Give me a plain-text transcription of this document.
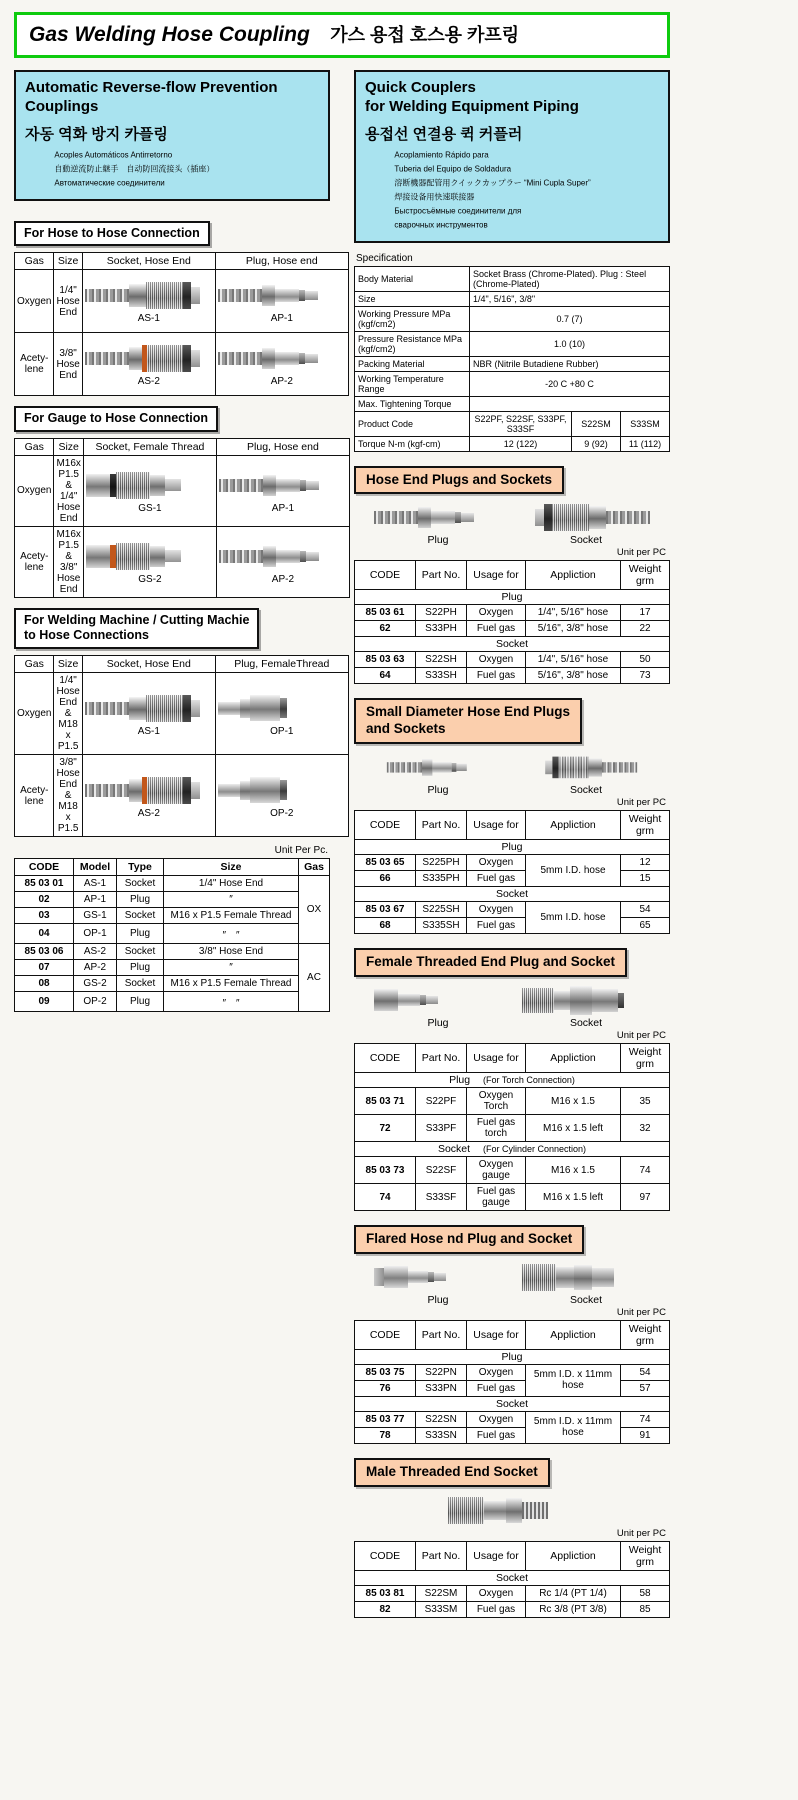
Gas Welding Hose Coupling 가스 용접 호스용 카프링
Automatic Reverse-flow Prevention
Couplings
자동 역화 방지 카플링
Acoples Automáticos Antirretorno
自動逆流防止継手　自动防回流接头（插座）
Автоматические соединители
For Hose to Hose Connection
Gas	Size	Socket, Hose End	Plug, Hose end
Oxygen	1/4" Hose End	AS-1	AP-1

Acety-lene	3/8" Hose End	AS-2	AP-2
For Gauge to Hose Connection
Gas	Size	Socket, Female Thread	Plug, Hose end
Oxygen	M16x P1.5 & 1/4" Hose End	GS-1	AP-1

Acety-lene	M16x P1.5 & 3/8" Hose End	GS-2	AP-2
For Welding Machine / Cutting Machie
to Hose Connections
Gas	Size	Socket, Hose End	Plug, FemaleThread
Oxygen	1/4" Hose End & M18 x P1.5	AS-1	OP-1

Acety-lene	3/8" Hose End & M18 x P1.5	AS-2	OP-2
Unit Per Pc.
CODE	Model	Type	Size	Gas
85 03 01	AS-1	Socket	1/4" Hose End	OX
02	AP-1	Plug	″	
03	GS-1	Socket	M16 x P1.5 Female Thread	
04	OP-1	Plug	″　″	
85 03 06	AS-2	Socket	3/8" Hose End	AC
07	AP-2	Plug	″	
08	GS-2	Socket	M16 x P1.5 Female Thread	
09	OP-2	Plug	″　″	
Quick Couplers
for Welding Equipment Piping
용접선 연결용 퀵 커플러
Acoplamiento Rápido para
Tuberia del Equipo de Soldadura
溶断機器配管用クイックカップラー “Mini Cupla Super”
焊接设备用快速联接器
Быстросъёмные соединители для
сварочных инструментов
Specification
Body Material	Socket Brass (Chrome-Plated). Plug : Steel (Chrome-Plated)		
Size	1/4", 5/16", 3/8"		
Working Pressure MPa (kgf/cm2)	0.7 (7)		
Pressure Resistance MPa (kgf/cm2)	1.0 (10)		
Packing Material	NBR (Nitrile Butadiene Rubber)		
Working Temperature Range	-20 C +80 C		
Max. Tightening Torque			
Product Code	S22PF, S22SF, S33PF, S33SF	S22SM	S33SM
Torque N-m (kgf-cm)	12 (122)	9 (92)	11 (112)
Hose End Plugs and Sockets
Plug	Socket
Unit per PC
CODE	Part No.	Usage for	Appliction	Weight grm
Plug				
85 03 61	S22PH	Oxygen	1/4", 5/16" hose	17
62	S33PH	Fuel gas	5/16", 3/8" hose	22
Socket				
85 03 63	S22SH	Oxygen	1/4", 5/16" hose	50
64	S33SH	Fuel gas	5/16", 3/8" hose	73
Small Diameter Hose End Plugs
and Sockets
Plug	Socket
Unit per PC
CODE	Part No.	Usage for	Appliction	Weight grm
Plug				
85 03 65	S225PH	Oxygen	5mm I.D. hose	12
66	S335PH	Fuel gas		15
Socket				
85 03 67	S225SH	Oxygen	5mm I.D. hose	54
68	S335SH	Fuel gas		65
Female Threaded End Plug and Socket
Plug	Socket
Unit per PC
CODE	Part No.	Usage for	Appliction	Weight grm
Plug (For Torch Connection)				
85 03 71	S22PF	Oxygen Torch	M16 x 1.5	35
72	S33PF	Fuel gas torch	M16 x 1.5 left	32
Socket (For Cylinder Connection)				
85 03 73	S22SF	Oxygen gauge	M16 x 1.5	74
74	S33SF	Fuel gas gauge	M16 x 1.5 left	97
Flared Hose nd Plug and Socket
Plug	Socket
Unit per PC
CODE	Part No.	Usage for	Appliction	Weight grm
Plug				
85 03 75	S22PN	Oxygen	5mm I.D. x 11mm hose	54
76	S33PN	Fuel gas		57
Socket				
85 03 77	S22SN	Oxygen	5mm I.D. x 11mm hose	74
78	S33SN	Fuel gas		91
Male Threaded End Socket
Unit per PC
CODE	Part No.	Usage for	Appliction	Weight grm
Socket				
85 03 81	S22SM	Oxygen	Rc 1/4 (PT 1/4)	58
82	S33SM	Fuel gas	Rc 3/8 (PT 3/8)	85
